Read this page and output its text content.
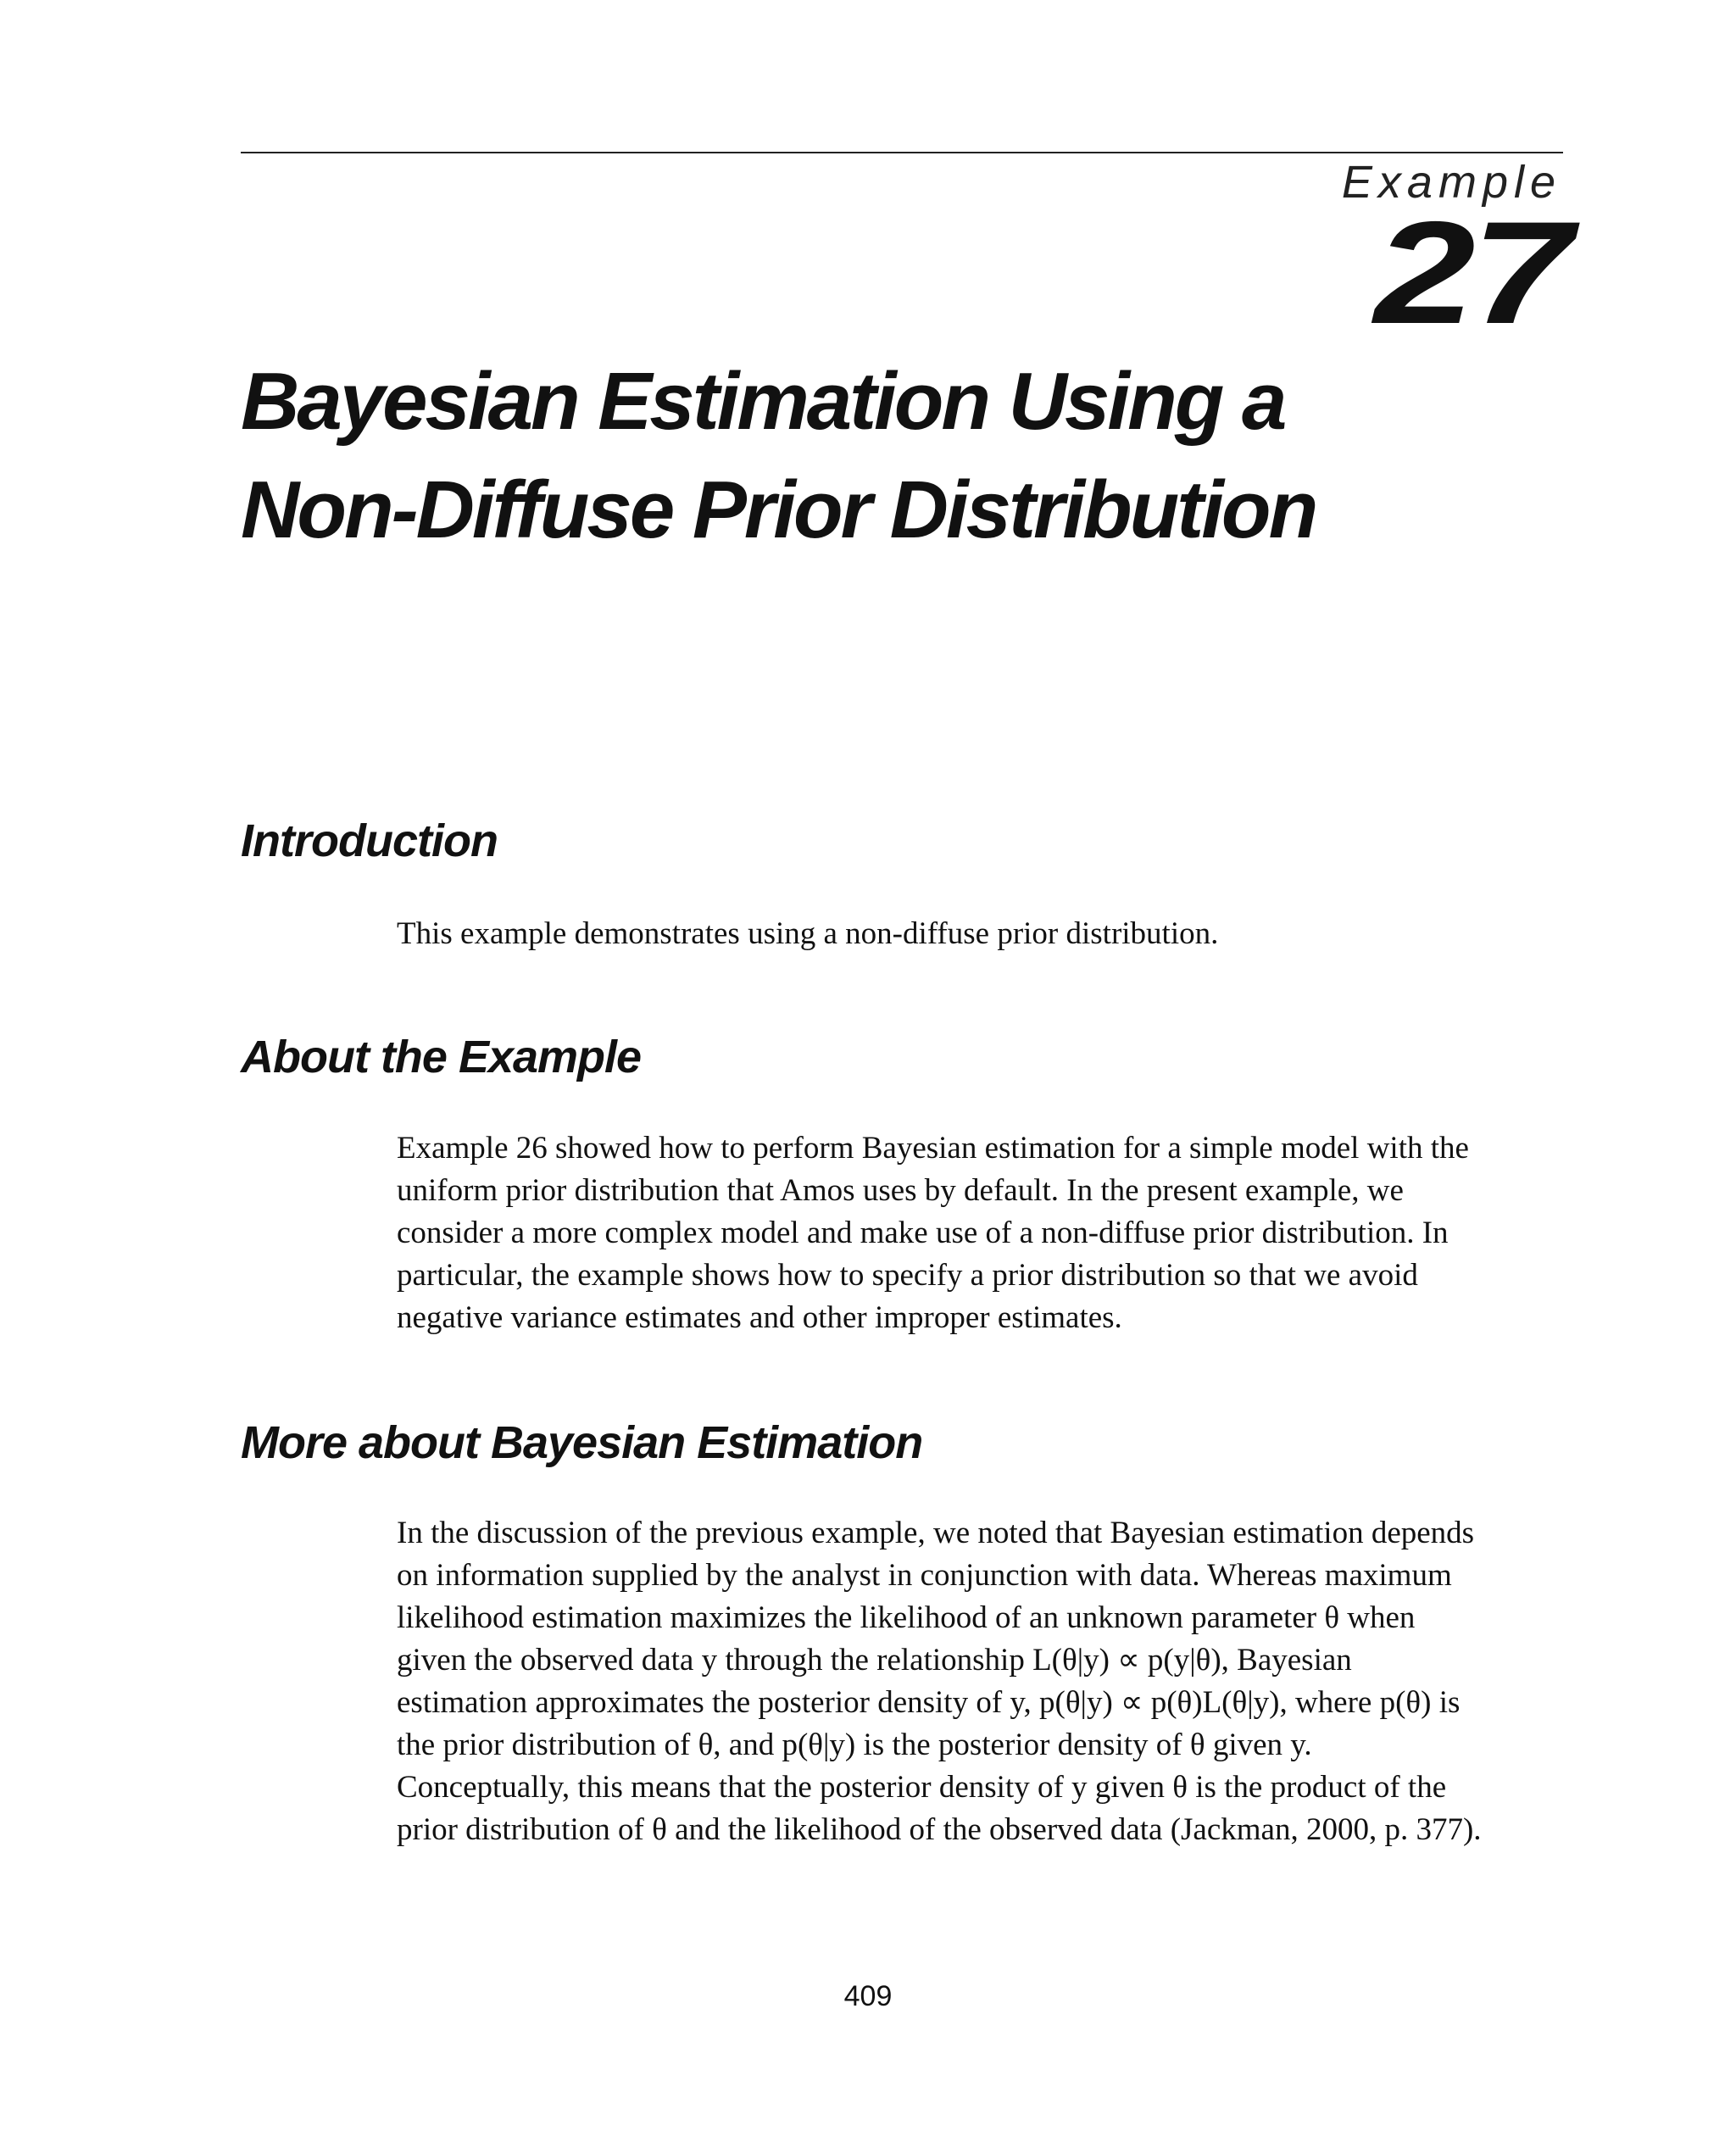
Example
27
Bayesian Estimation Using a
Non-Diffuse Prior Distribution
Introduction

This example demonstrates using a non-diffuse prior distribution.

About the Example

Example 26 showed how to perform Bayesian estimation for a simple model with the
uniform prior distribution that Amos uses by default. In the present example, we
consider a more complex model and make use of a non-diffuse prior distribution. In
particular, the example shows how to specify a prior distribution so that we avoid
negative variance estimates and other improper estimates.

More about Bayesian Estimation

In the discussion of the previous example, we noted that Bayesian estimation depends
on information supplied by the analyst in conjunction with data. Whereas maximum
likelihood estimation maximizes the likelihood of an unknown parameter θ when
given the observed data y through the relationship L(θ|y) ∝ p(y|θ), Bayesian
estimation approximates the posterior density of y, p(θ|y) ∝ p(θ)L(θ|y), where p(θ) is
the prior distribution of θ, and p(θ|y) is the posterior density of θ given y.
Conceptually, this means that the posterior density of y given θ is the product of the
prior distribution of θ and the likelihood of the observed data (Jackman, 2000, p. 377).

409
